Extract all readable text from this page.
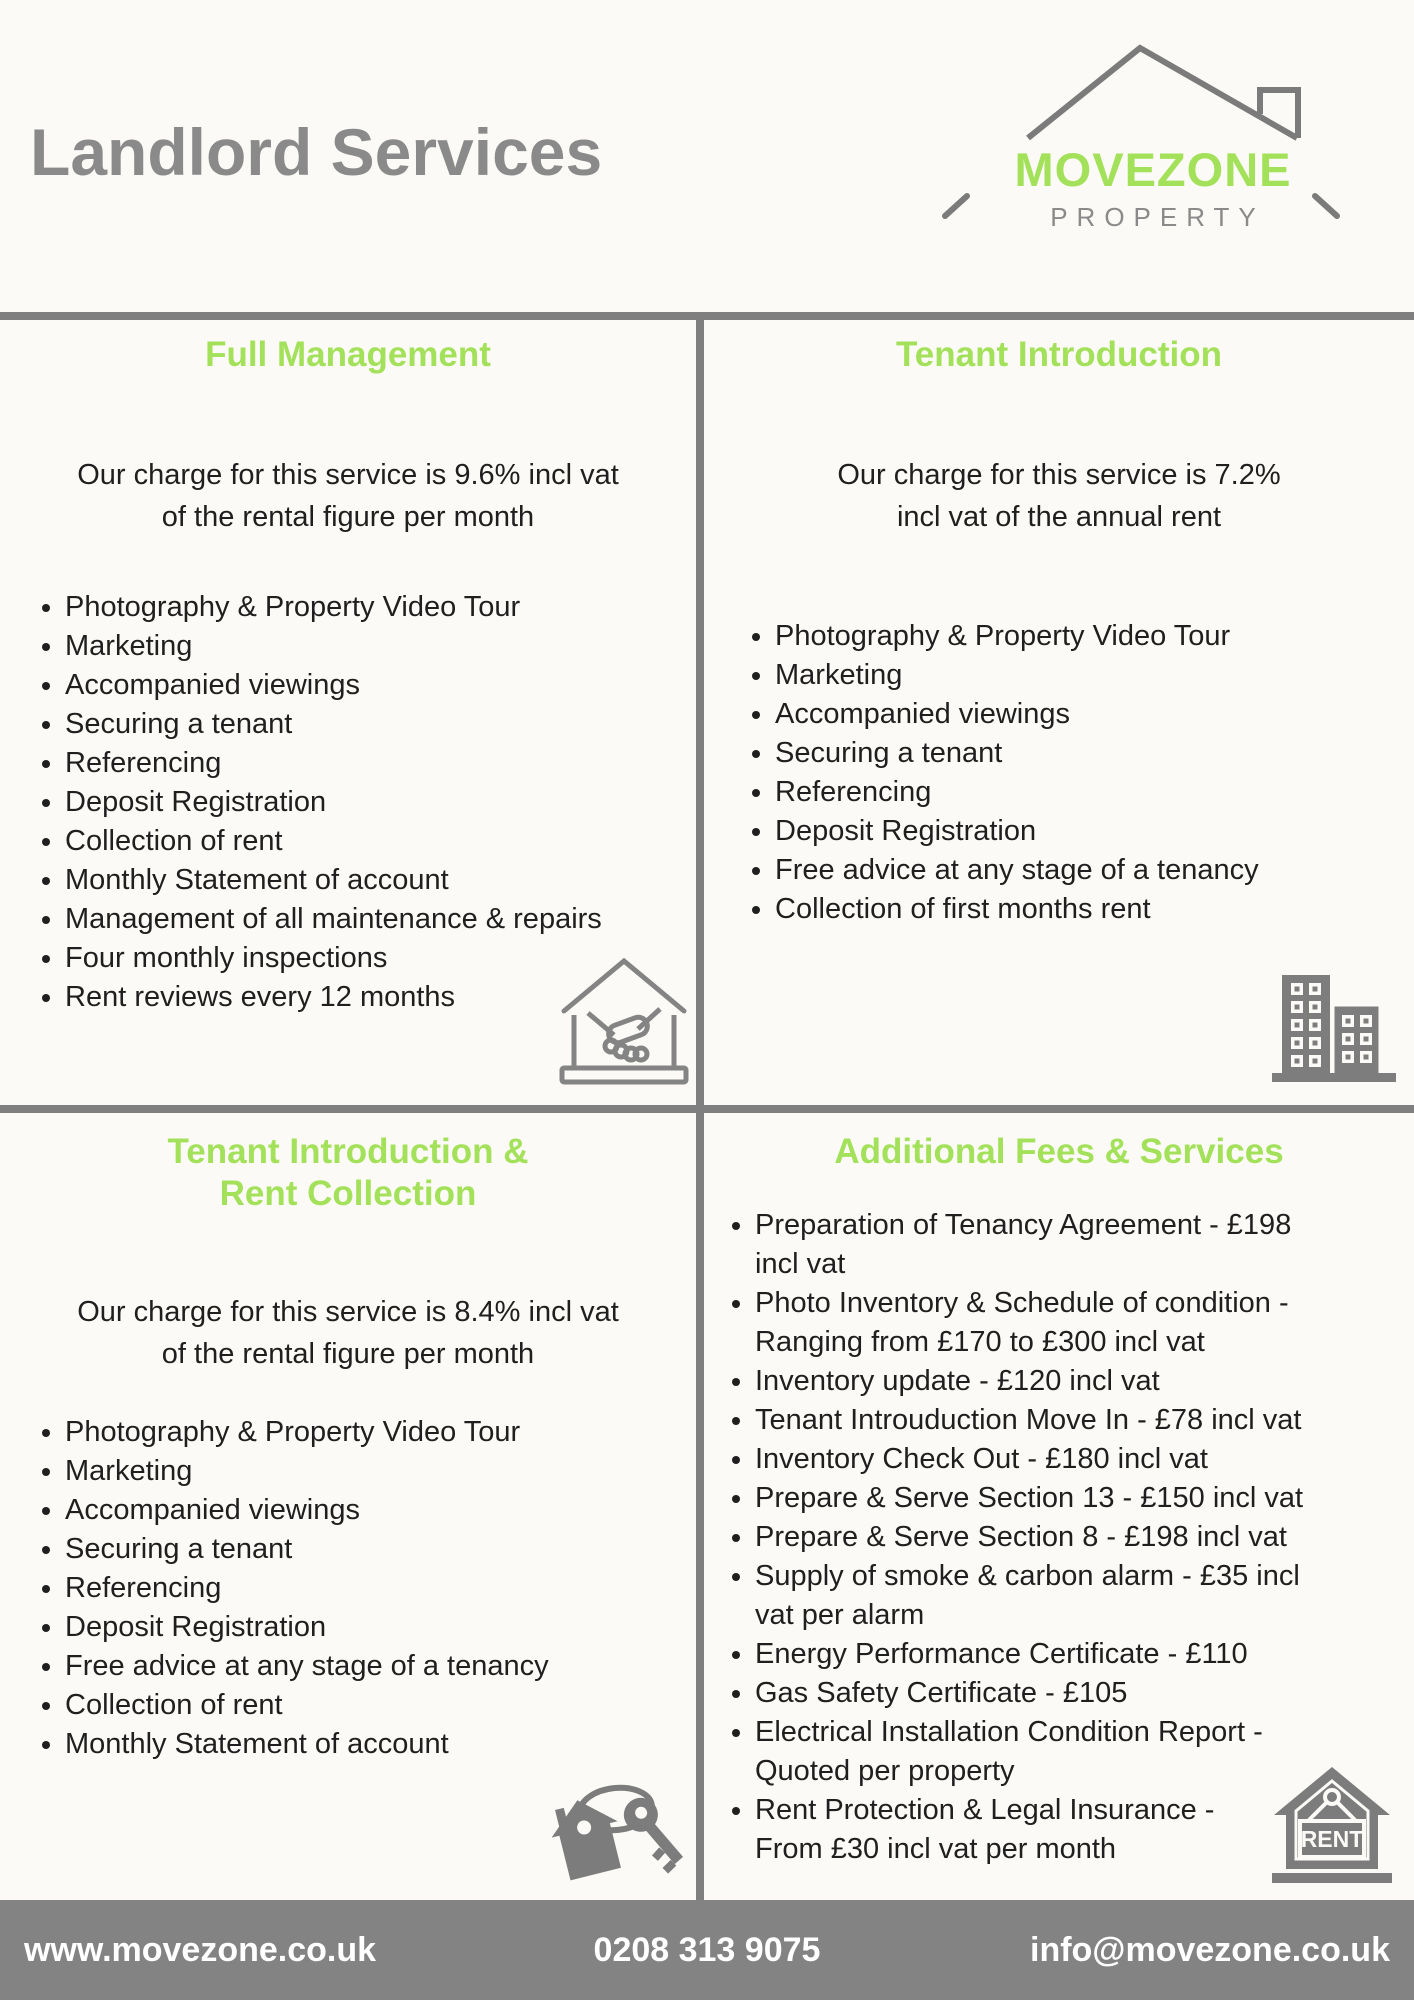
Landlord Services	MOVEZONE
PROPERTY
Full Management

Our charge for this service is 9.6% incl vat
of the rental figure per month

• Photography & Property Video Tour
• Marketing
• Accompanied viewings
• Securing a tenant
• Referencing
• Deposit Registration
• Collection of rent
• Monthly Statement of account
• Management of all maintenance & repairs
• Four monthly inspections
• Rent reviews every 12 months
Tenant Introduction

Our charge for this service is 7.2%
incl vat of the annual rent

• Photography & Property Video Tour
• Marketing
• Accompanied viewings
• Securing a tenant
• Referencing
• Deposit Registration
• Free advice at any stage of a tenancy
• Collection of first months rent
Tenant Introduction &
Rent Collection

Our charge for this service is 8.4% incl vat
of the rental figure per month

• Photography & Property Video Tour
• Marketing
• Accompanied viewings
• Securing a tenant
• Referencing
• Deposit Registration
• Free advice at any stage of a tenancy
• Collection of rent
• Monthly Statement of account
Additional Fees & Services
• Preparation of Tenancy Agreement - £198
incl vat
• Photo Inventory & Schedule of condition -
Ranging from £170 to £300 incl vat
• Inventory update - £120 incl vat
• Tenant Introuduction Move In - £78 incl vat
• Inventory Check Out - £180 incl vat
• Prepare & Serve Section 13 - £150 incl vat
• Prepare & Serve Section 8 - £198 incl vat
• Supply of smoke & carbon alarm - £35 incl
vat per alarm
• Energy Performance Certificate - £110
• Gas Safety Certificate - £105
• Electrical Installation Condition Report -
Quoted per property
• Rent Protection & Legal Insurance -
From £30 incl vat per month	RENT
www.movezone.co.uk	0208 313 9075	info@movezone.co.uk
